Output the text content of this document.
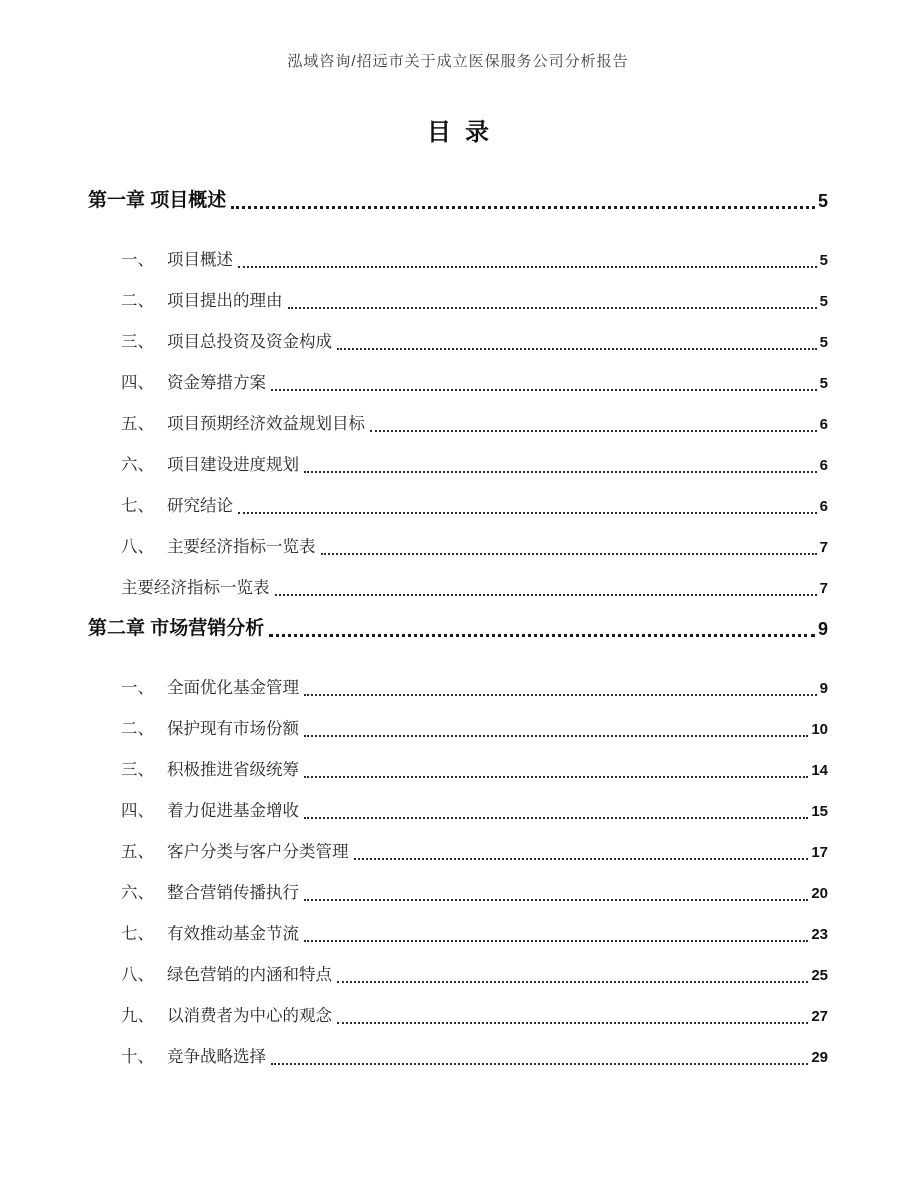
泓域咨询/招远市关于成立医保服务公司分析报告
目录
第一章 项目概述	5
一、 项目概述	5
二、 项目提出的理由	5
三、 项目总投资及资金构成	5
四、 资金筹措方案	5
五、 项目预期经济效益规划目标	6
六、 项目建设进度规划	6
七、 研究结论	6
八、 主要经济指标一览表	7
主要经济指标一览表	7
第二章 市场营销分析	9
一、 全面优化基金管理	9
二、 保护现有市场份额	10
三、 积极推进省级统筹	14
四、 着力促进基金增收	15
五、 客户分类与客户分类管理	17
六、 整合营销传播执行	20
七、 有效推动基金节流	23
八、 绿色营销的内涵和特点	25
九、 以消费者为中心的观念	27
十、 竞争战略选择	29
